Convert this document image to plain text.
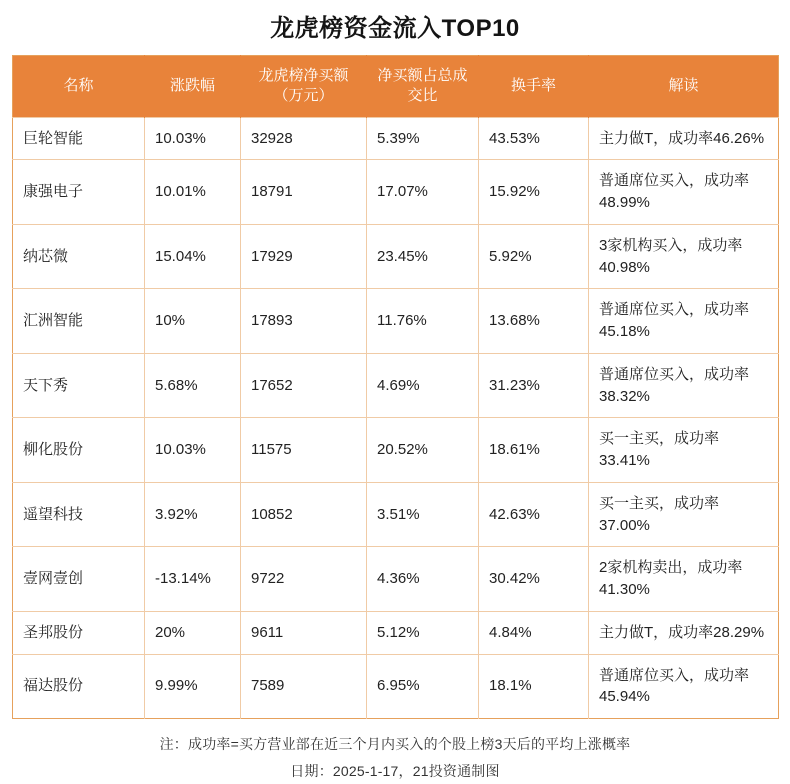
龙虎榜资金流入TOP10
名称	涨跌幅	龙虎榜净买额（万元）	净买额占总成交比	换手率	解读
巨轮智能	10.03%	32928	5.39%	43.53%	主力做T，成功率46.26%
康强电子	10.01%	18791	17.07%	15.92%	普通席位买入，成功率48.99%
纳芯微	15.04%	17929	23.45%	5.92%	3家机构买入，成功率40.98%
汇洲智能	10%	17893	11.76%	13.68%	普通席位买入，成功率45.18%
天下秀	5.68%	17652	4.69%	31.23%	普通席位买入，成功率38.32%
柳化股份	10.03%	11575	20.52%	18.61%	买一主买，成功率33.41%
遥望科技	3.92%	10852	3.51%	42.63%	买一主买，成功率37.00%
壹网壹创	-13.14%	9722	4.36%	30.42%	2家机构卖出，成功率41.30%
圣邦股份	20%	9611	5.12%	4.84%	主力做T，成功率28.29%
福达股份	9.99%	7589	6.95%	18.1%	普通席位买入，成功率45.94%
注：成功率=买方营业部在近三个月内买入的个股上榜3天后的平均上涨概率
日期：2025-1-17，21投资通制图
